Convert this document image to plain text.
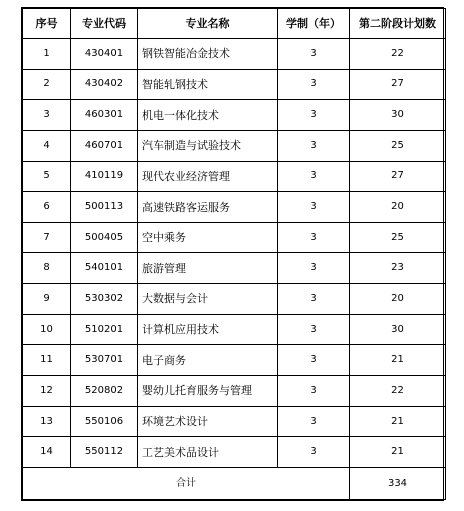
序号	专业代码	专业名称	学制（年）	第二阶段计划数
1	430401	钢铁智能冶金技术	3	22
2	430402	智能轧钢技术	3	27
3	460301	机电一体化技术	3	30
4	460701	汽车制造与试验技术	3	25
5	410119	现代农业经济管理	3	27
6	500113	高速铁路客运服务	3	20
7	500405	空中乘务	3	25
8	540101	旅游管理	3	23
9	530302	大数据与会计	3	20
10	510201	计算机应用技术	3	30
11	530701	电子商务	3	21
12	520802	婴幼儿托育服务与管理	3	22
13	550106	环境艺术设计	3	21
14	550112	工艺美术品设计	3	21
合计				334
